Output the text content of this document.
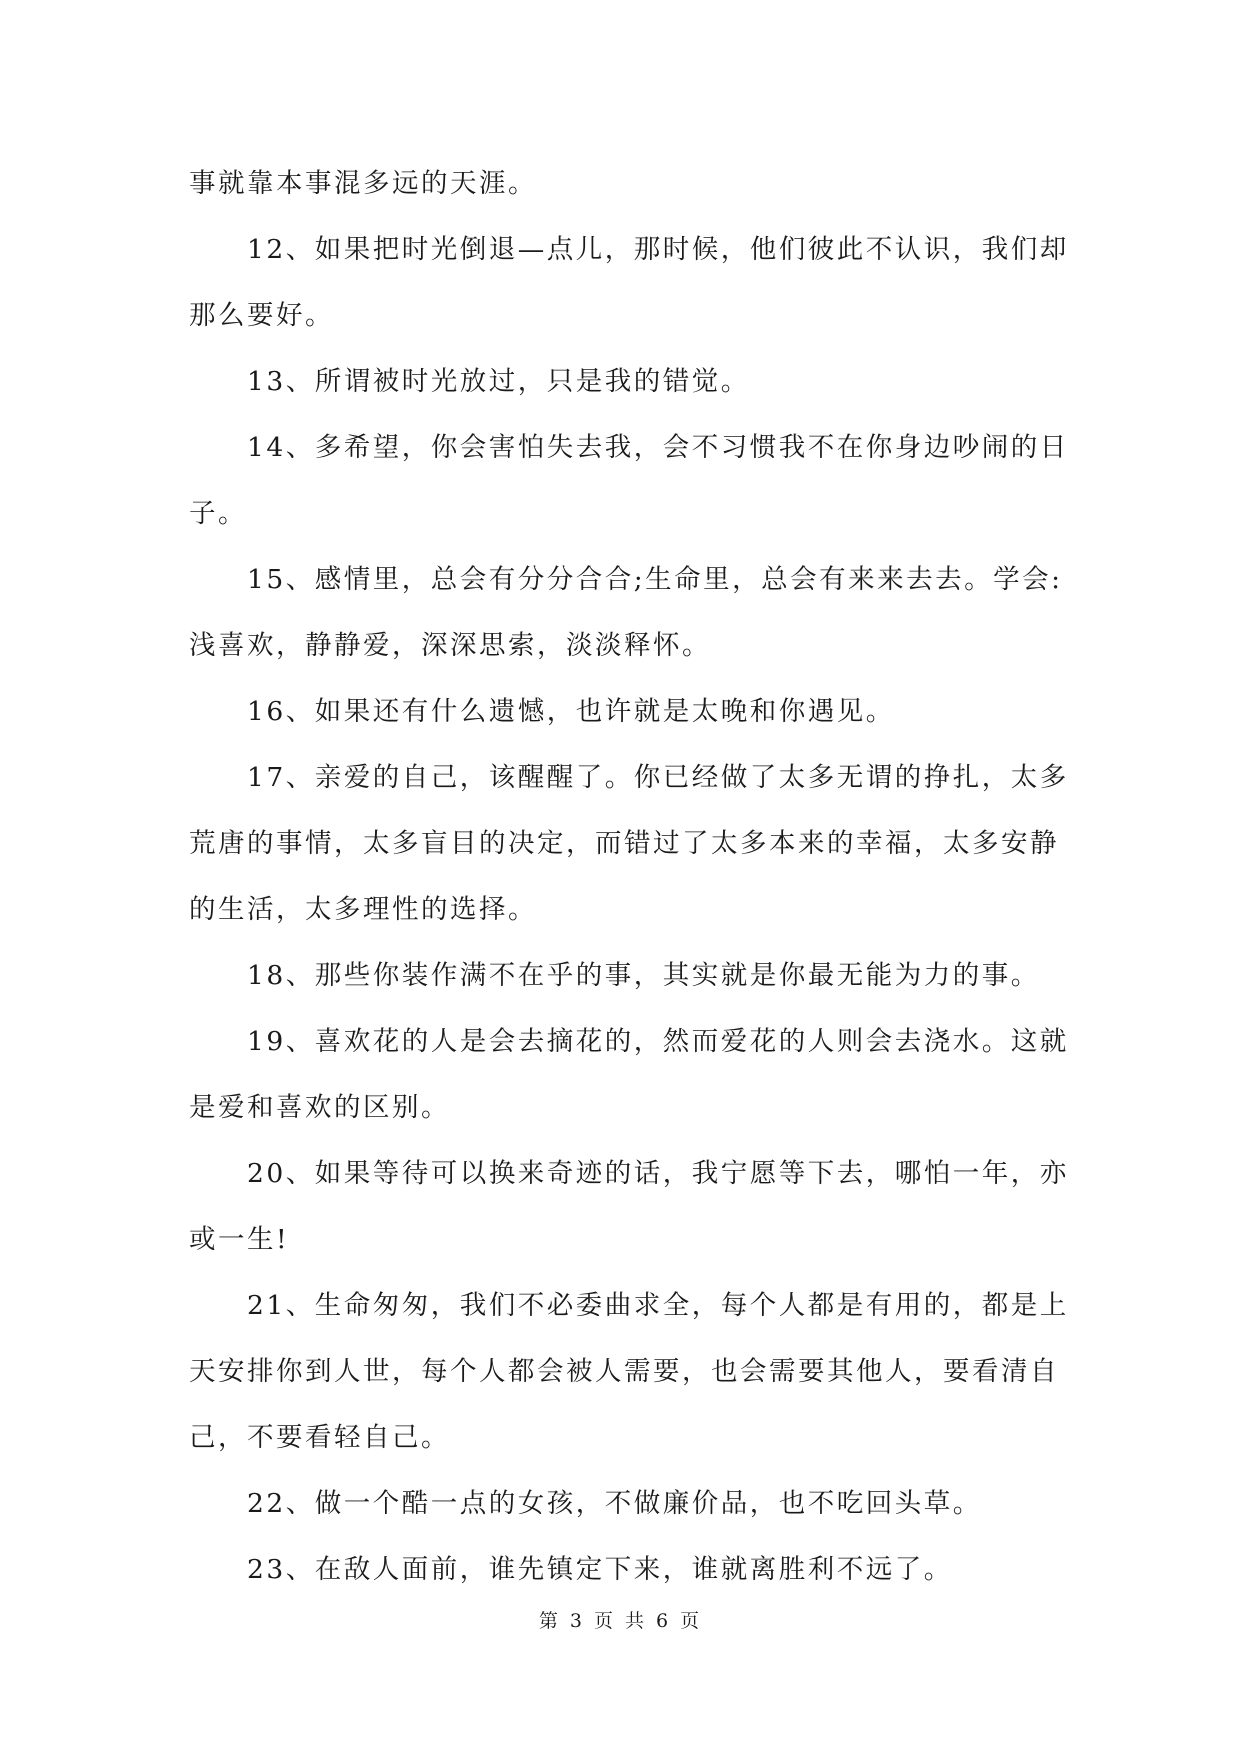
事就靠本事混多远的天涯。
12、如果把时光倒退—点儿，那时候，他们彼此不认识，我们却
那么要好。
13、所谓被时光放过，只是我的错觉。
14、多希望，你会害怕失去我，会不习惯我不在你身边吵闹的日
子。
15、感情里，总会有分分合合;生命里，总会有来来去去。学会:
浅喜欢，静静爱，深深思索，淡淡释怀。
16、如果还有什么遗憾，也许就是太晚和你遇见。
17、亲爱的自己，该醒醒了。你已经做了太多无谓的挣扎，太多
荒唐的事情，太多盲目的决定，而错过了太多本来的幸福，太多安静
的生活，太多理性的选择。
18、那些你装作满不在乎的事，其实就是你最无能为力的事。
19、喜欢花的人是会去摘花的，然而爱花的人则会去浇水。这就
是爱和喜欢的区别。
20、如果等待可以换来奇迹的话，我宁愿等下去，哪怕一年，亦
或一生!
21、生命匆匆，我们不必委曲求全，每个人都是有用的，都是上
天安排你到人世，每个人都会被人需要，也会需要其他人，要看清自
己，不要看轻自己。
22、做一个酷一点的女孩，不做廉价品，也不吃回头草。
23、在敌人面前，谁先镇定下来，谁就离胜利不远了。
第 3 页 共 6 页
